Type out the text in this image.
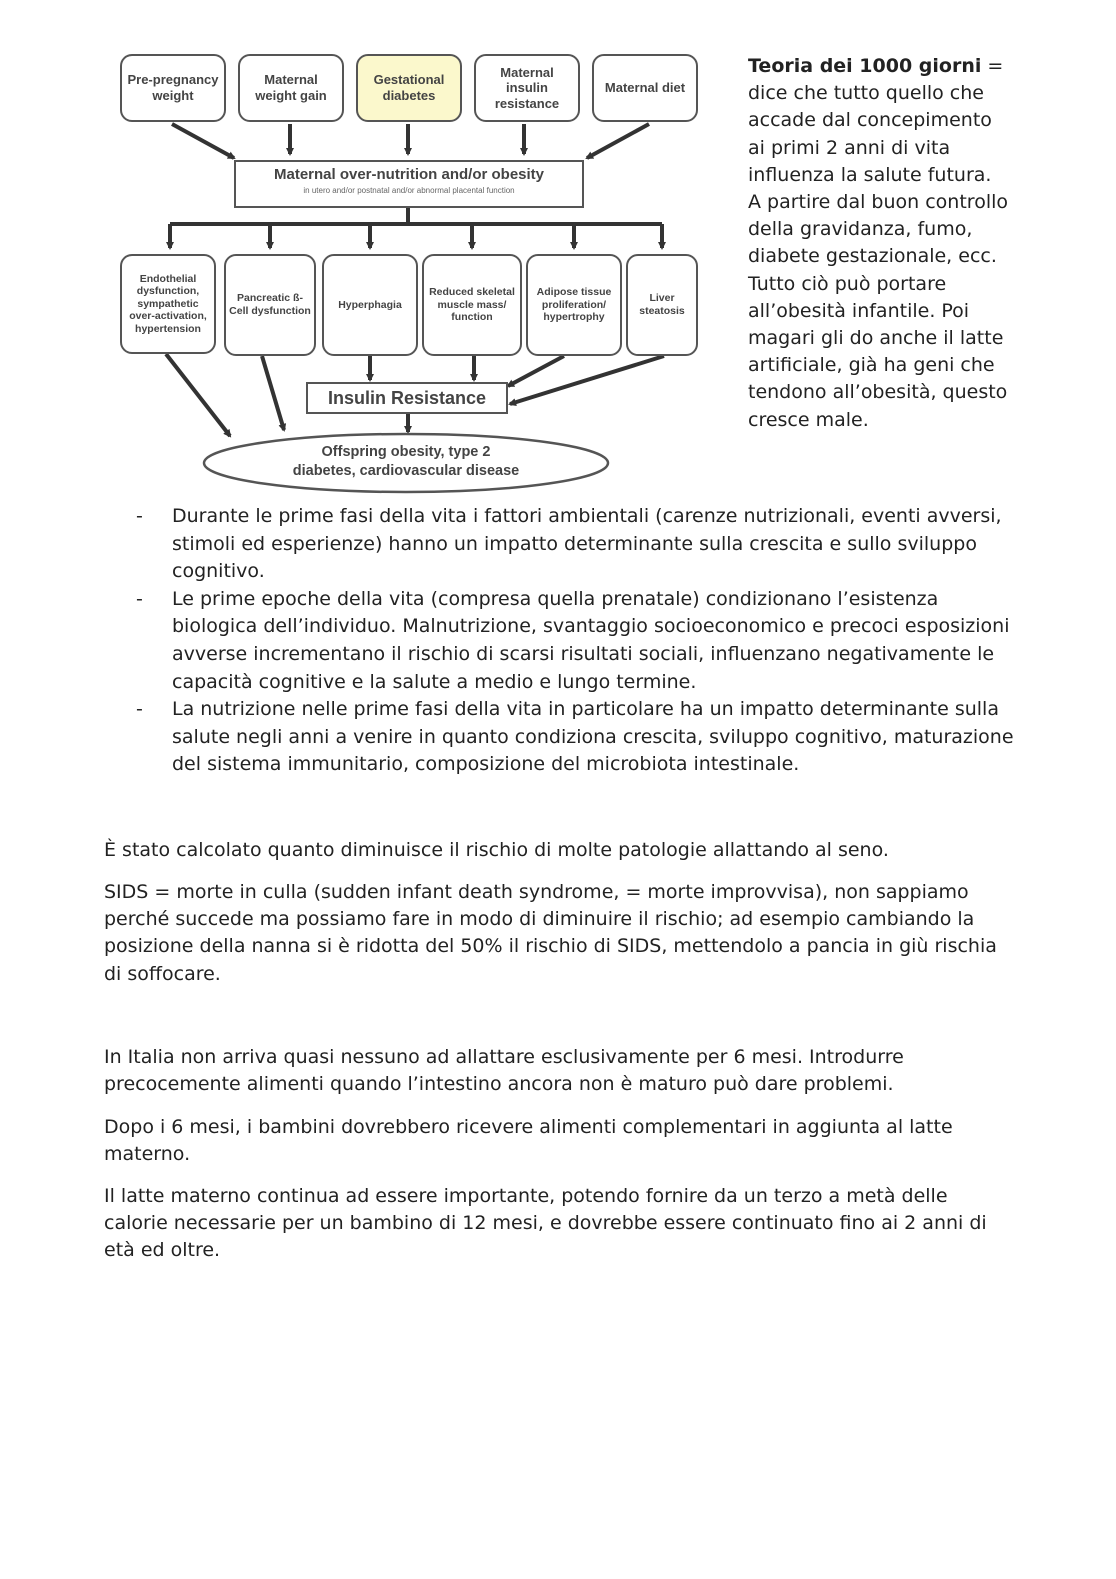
Pre-pregnancy weight
Maternal weight gain
Gestational diabetes
Maternal insulin resistance
Maternal diet
Maternal over-nutrition and/or obesity
in utero and/or postnatal and/or abnormal placental function
Endothelial dysfunction, sympathetic over-activation, hypertension
Pancreatic ß-Cell dysfunction
Hyperphagia
Reduced skeletal muscle mass/ function
Adipose tissue proliferation/ hypertrophy
Liver steatosis
Insulin Resistance
Offspring obesity, type 2
diabetes, cardiovascular disease
Teoria dei 1000 giorni = dice che tutto quello che accade dal concepimento ai primi 2 anni di vita influenza la salute futura. A partire dal buon controllo della gravidanza, fumo, diabete gestazionale, ecc. Tutto ciò può portare all’obesità infantile. Poi magari gli do anche il latte artificiale, già ha geni che tendono all’obesità, questo cresce male.
- Durante le prime fasi della vita i fattori ambientali (carenze nutrizionali, eventi avversi, stimoli ed esperienze) hanno un impatto determinante sulla crescita e sullo sviluppo cognitivo.
- Le prime epoche della vita (compresa quella prenatale) condizionano l’esistenza biologica dell’individuo. Malnutrizione, svantaggio socioeconomico e precoci esposizioni avverse incrementano il rischio di scarsi risultati sociali, influenzano negativamente le capacità cognitive e la salute a medio e lungo termine.
- La nutrizione nelle prime fasi della vita in particolare ha un impatto determinante sulla salute negli anni a venire in quanto condiziona crescita, sviluppo cognitivo, maturazione del sistema immunitario, composizione del microbiota intestinale.

È stato calcolato quanto diminuisce il rischio di molte patologie allattando al seno.

SIDS = morte in culla (sudden infant death syndrome, = morte improvvisa), non sappiamo perché succede ma possiamo fare in modo di diminuire il rischio; ad esempio cambiando la posizione della nanna si è ridotta del 50% il rischio di SIDS, mettendolo a pancia in giù rischia di soffocare.

In Italia non arriva quasi nessuno ad allattare esclusivamente per 6 mesi. Introdurre precocemente alimenti quando l’intestino ancora non è maturo può dare problemi.

Dopo i 6 mesi, i bambini dovrebbero ricevere alimenti complementari in aggiunta al latte materno.

Il latte materno continua ad essere importante, potendo fornire da un terzo a metà delle calorie necessarie per un bambino di 12 mesi, e dovrebbe essere continuato fino ai 2 anni di età ed oltre.
